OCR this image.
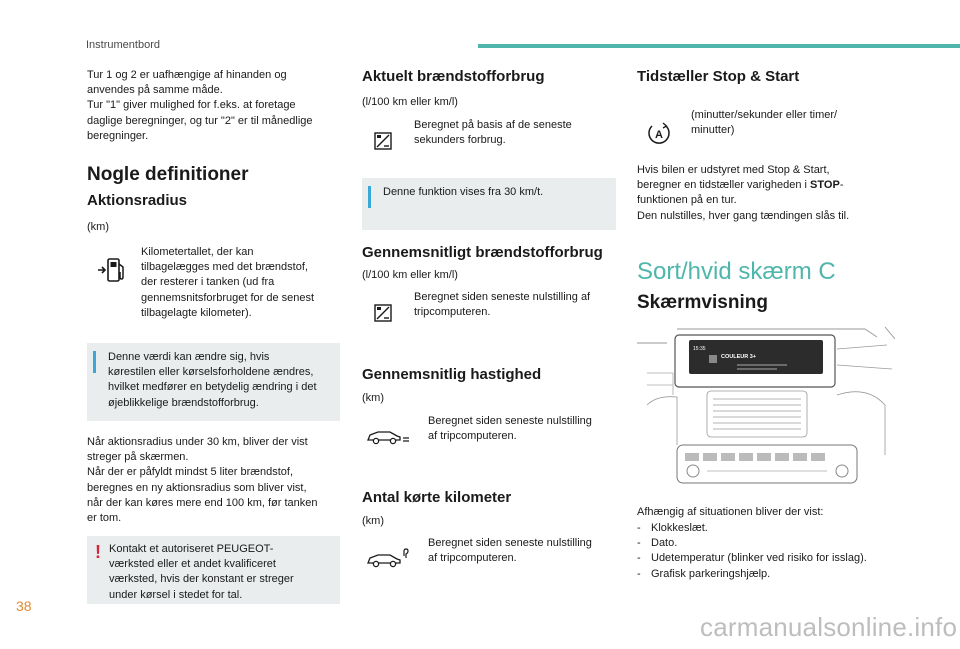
Instrumentbord
Tur 1 og 2 er uafhængige af hinanden og
anvendes på samme måde.
Tur "1" giver mulighed for f.eks. at foretage
daglige beregninger, og tur "2" er til månedlige
beregninger.
Nogle definitioner
Aktionsradius
(km)
Kilometertallet, der kan
tilbagelægges med det brændstof,
der resterer i tanken (ud fra
gennemsnitsforbruget for de senest
tilbagelagte kilometer).
Denne værdi kan ændre sig, hvis
kørestilen eller kørselsforholdene ændres,
hvilket medfører en betydelig ændring i det
øjeblikkelige brændstofforbrug.
Når aktionsradius under 30 km, bliver der vist
streger på skærmen.
Når der er påfyldt mindst 5 liter brændstof,
beregnes en ny aktionsradius som bliver vist,
når der kan køres mere end 100 km, før tanken
er tom.
! Kontakt et autoriseret PEUGEOT-
værksted eller et andet kvalificeret
værksted, hvis der konstant er streger
under kørsel i stedet for tal.
Aktuelt brændstofforbrug
(l/100 km eller km/l)
Beregnet på basis af de seneste
sekunders forbrug.
Denne funktion vises fra 30 km/t.
Gennemsnitligt brændstofforbrug
(l/100 km eller km/l)
Beregnet siden seneste nulstilling af
tripcomputeren.
Gennemsnitlig hastighed
(km)
Beregnet siden seneste nulstilling
af tripcomputeren.
Antal kørte kilometer
(km)
Beregnet siden seneste nulstilling
af tripcomputeren.
Tidstæller Stop & Start
A
(minutter/sekunder eller timer/
minutter)
Hvis bilen er udstyret med Stop & Start,
beregner en tidstæller varigheden i STOP-
funktionen på en tur.
Den nulstilles, hver gang tændingen slås til.
Sort/hvid skærm C
Skærmvisning
15:35
COULEUR 3+
Afhængig af situationen bliver der vist:
- Klokkeslæt.
- Dato.
- Udetemperatur (blinker ved risiko for isslag).
- Grafisk parkeringshjælp.
38
carmanualsonline.info
